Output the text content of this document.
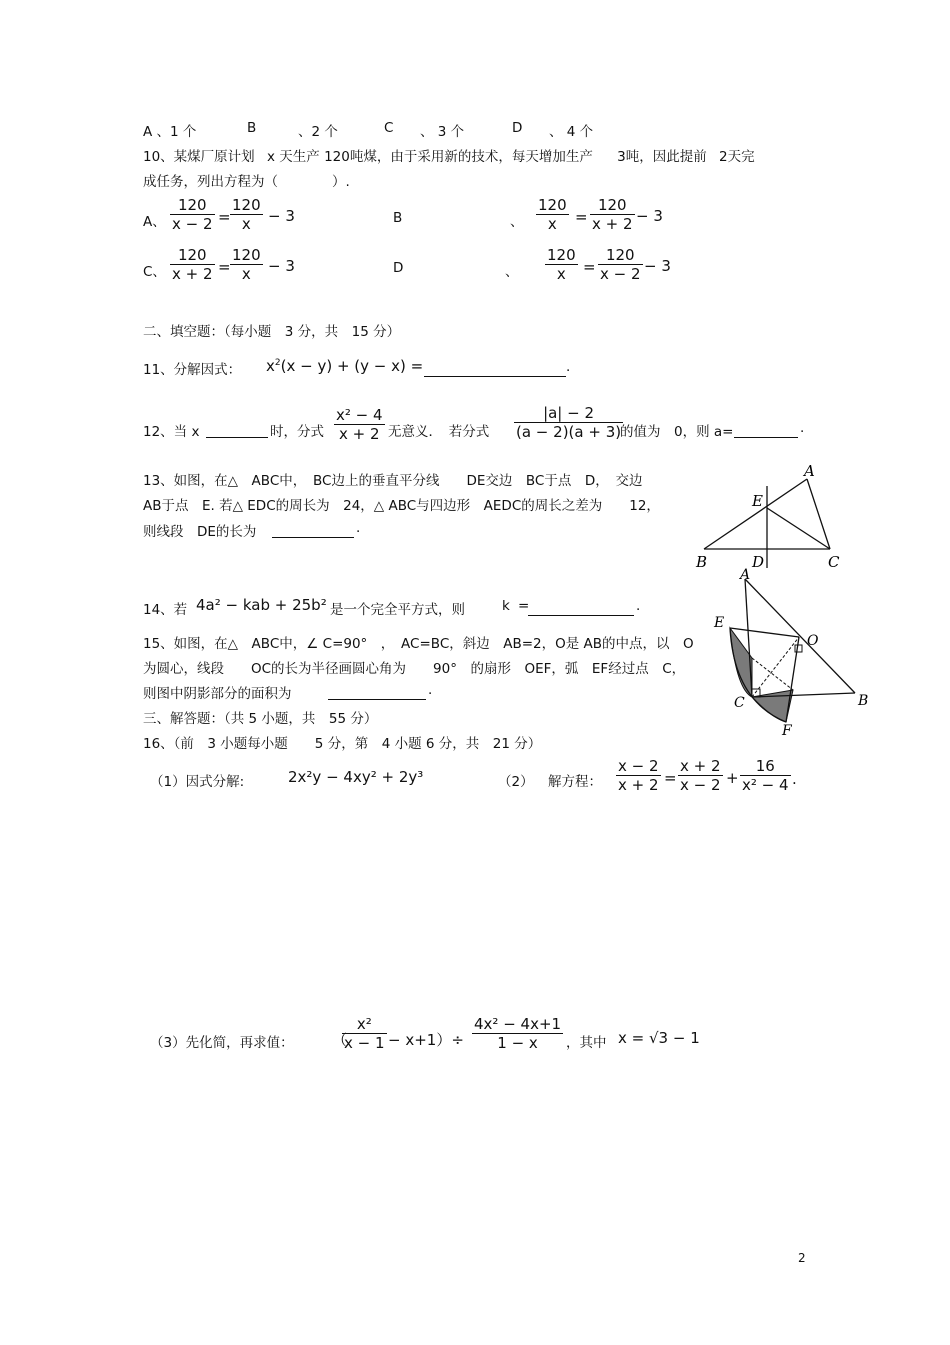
A 、1 个	B	、2 个	C 、 3 个	D 、 4 个
10、某煤厂原计划 x 天生产 120吨煤，由于采用新的技术，每天增加生产 3吨，因此提前 2天完
成任务，列出方程为（　　　　）.
A、 $\frac{120}{x - 2} = \frac{120}{x} - 3$	B	、 $\frac{120}{x} = \frac{120}{x + 2} - 3$
C、 $\frac{120}{x + 2} = \frac{120}{x} - 3$	D	、 $\frac{120}{x} = \frac{120}{x - 2} - 3$
二、填空题：（每小题　3 分，共　15 分）
11、分解因式： $x^2(x - y) + (y - x)$ =	.
12、当 x	时，分式 $\frac{\text{x² − 4}}{x + 2}$ 无意义．　若分式 $\frac{|a| - 2}{(a - 2)(a + 3)}$
的值为　0，则 a=	.
13、如图，在△　ABC中，　BC边上的垂直平分线　　DE交边　BC于点　D，　交边
AB于点　E. 若△ EDC的周长为　24，△ ABC与四边形　AEDC的周长之差为　　12，
则线段　DE的长为	.
A
B	C
D
E
14、若 4a² − kab + 25b² 是一个完全平方式，则	k =	.
15、如图，在△　ABC中，∠ C=90°　，　AC=BC，斜边　AB=2，O是 AB的中点，以　O
为圆心，线段　　OC的长为半径画圆心角为　　90°　的扇形　OEF，弧　EF经过点　C，
则图中阴影部分的面积为	.
A
B
C
E
F
O
三、解答题：（共 5 小题，共　55 分）
16、（前　3 小题每小题　　5 分，第　4 小题 6 分，共　21 分）
（1）因式分解:	2x²y − 4xy² + 2y³	（2） 解方程： $\frac{x - 2}{x + 2} = \frac{x + 2}{x - 2} + \frac{16}{\text{x² − 4}}$ .
（3）先化简，再求值：	（
$\frac{\text{x²}}{x - 1} - x+1)\div \frac{\text{4x² − 4x+1}}{1 - x}$ ，其中 x = √3 − 1
2
